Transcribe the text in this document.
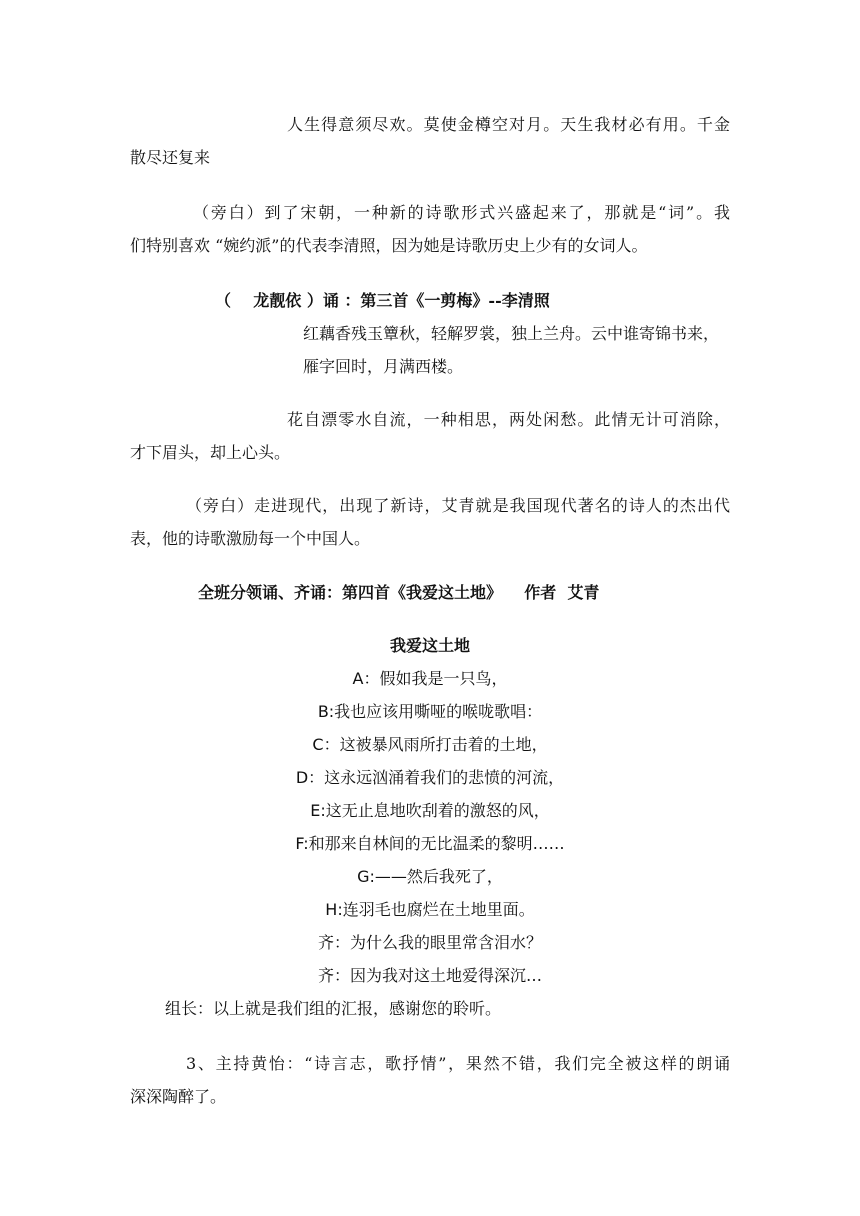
人生得意须尽欢。莫使金樽空对月。天生我材必有用。千金
散尽还复来
（旁白）到了宋朝，一种新的诗歌形式兴盛起来了，那就是“词”。我
们特别喜欢 “婉约派”的代表李清照，因为她是诗歌历史上少有的女词人。
（    龙靓依 ）诵 ：第三首《一剪梅》--李清照
红藕香残玉簟秋，轻解罗裳，独上兰舟。云中谁寄锦书来，
雁字回时，月满西楼。
花自漂零水自流，一种相思，两处闲愁。此情无计可消除，
才下眉头，却上心头。
（旁白）走进现代，出现了新诗，艾青就是我国现代著名的诗人的杰出代
表，他的诗歌激励每一个中国人。
全班分领诵、齐诵：第四首《我爱这土地》    作者  艾青
我爱这土地
A：假如我是一只鸟，
B:我也应该用嘶哑的喉咙歌唱：
C：这被暴风雨所打击着的土地，
D：这永远汹涌着我们的悲愤的河流，
E:这无止息地吹刮着的激怒的风，
F:和那来自林间的无比温柔的黎明……
G:——然后我死了，
H:连羽毛也腐烂在土地里面。
齐：为什么我的眼里常含泪水？
齐：因为我对这土地爱得深沉…
组长：以上就是我们组的汇报，感谢您的聆听。
3、主持黄怡：“诗言志，歌抒情”，果然不错，我们完全被这样的朗诵
深深陶醉了。
